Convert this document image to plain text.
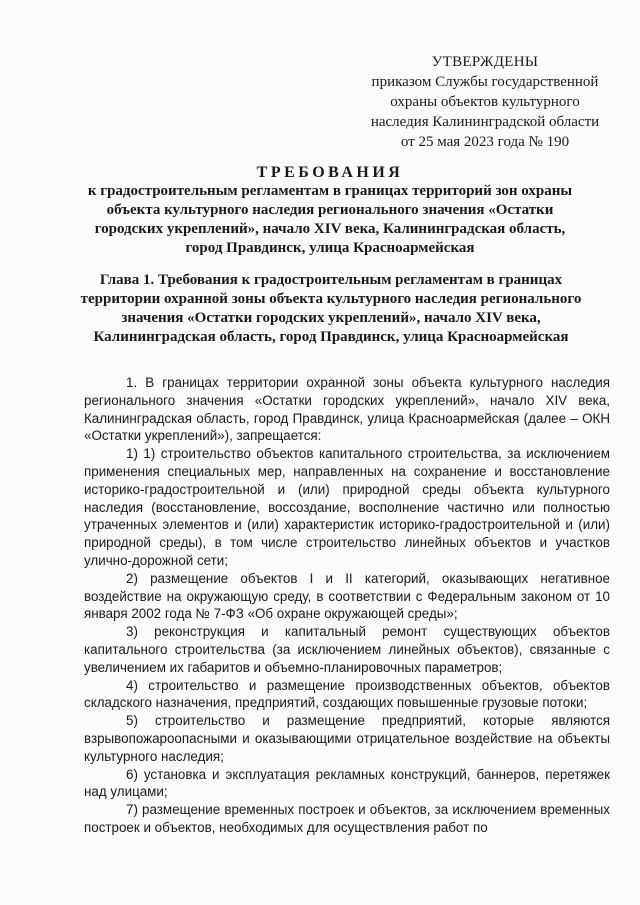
УТВЕРЖДЕНЫ
приказом Службы государственной
охраны объектов культурного
наследия Калининградской области
от 25 мая 2023 года № 190
ТРЕБОВАНИЯ
к градостроительным регламентам в границах территорий зон охраны
объекта культурного наследия регионального значения «Остатки
городских укреплений», начало XIV века, Калининградская область,
город Правдинск, улица Красноармейская
Глава 1. Требования к градостроительным регламентам в границах
территории охранной зоны объекта культурного наследия регионального
значения «Остатки городских укреплений», начало XIV века,
Калининградская область, город Правдинск, улица Красноармейская

1. В границах территории охранной зоны объекта культурного наследия регионального значения «Остатки городских укреплений», начало XIV века, Калининградская область, город Правдинск, улица Красноармейская (далее – ОКН «Остатки укреплений»), запрещается:

1) 1) строительство объектов капитального строительства, за исключением применения специальных мер, направленных на сохранение и восстановление историко-градостроительной и (или) природной среды объекта культурного наследия (восстановление, воссоздание, восполнение частично или полностью утраченных элементов и (или) характеристик историко-градостроительной и (или) природной среды), в том числе строительство линейных объектов и участков улично-дорожной сети;

2) размещение объектов I и II категорий, оказывающих негативное воздействие на окружающую среду, в соответствии с Федеральным законом от 10 января 2002 года № 7-ФЗ «Об охране окружающей среды»;

3) реконструкция и капитальный ремонт существующих объектов капитального строительства (за исключением линейных объектов), связанные с увеличением их габаритов и объемно-планировочных параметров;

4) строительство и размещение производственных объектов, объектов складского назначения, предприятий, создающих повышенные грузовые потоки;

5) строительство и размещение предприятий, которые являются взрывопожароопасными и оказывающими отрицательное воздействие на объекты культурного наследия;

6) установка и эксплуатация рекламных конструкций, баннеров, перетяжек над улицами;

7) размещение временных построек и объектов, за исключением временных построек и объектов, необходимых для осуществления работ по
